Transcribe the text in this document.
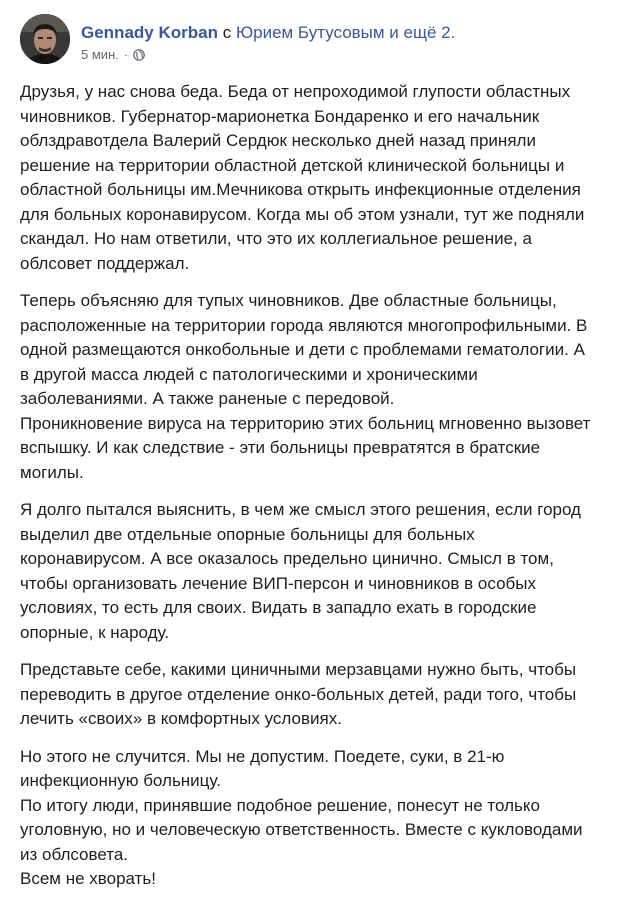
Gennady Korban с Юрием Бутусовым и ещё 2.
5 мин. ·
Друзья, у нас снова беда. Беда от непроходимой глупости областных
чиновников. Губернатор-марионетка Бондаренко и его начальник
облздравотдела Валерий Сердюк несколько дней назад приняли
решение на территории областной детской клинической больницы и
областной больницы им.Мечникова открыть инфекционные отделения
для больных коронавирусом. Когда мы об этом узнали, тут же подняли
скандал. Но нам ответили, что это их коллегиальное решение, а
облсовет поддержал.
Теперь объясняю для тупых чиновников. Две областные больницы,
расположенные на территории города являются многопрофильными. В
одной размещаются онкобольные и дети с проблемами гематологии. А
в другой масса людей с патологическими и хроническими
заболеваниями. А также раненые с передовой.
Проникновение вируса на территорию этих больниц мгновенно вызовет
вспышку. И как следствие - эти больницы превратятся в братские
могилы.
Я долго пытался выяснить, в чем же смысл этого решения, если город
выделил две отдельные опорные больницы для больных
коронавирусом. А все оказалось предельно цинично. Смысл в том,
чтобы организовать лечение ВИП-персон и чиновников в особых
условиях, то есть для своих. Видать в западло ехать в городские
опорные, к народу.
Представьте себе, какими циничными мерзавцами нужно быть, чтобы
переводить в другое отделение онко-больных детей, ради того, чтобы
лечить «своих» в комфортных условиях.
Но этого не случится. Мы не допустим. Поедете, суки, в 21-ю
инфекционную больницу.
По итогу люди, принявшие подобное решение, понесут не только
уголовную, но и человеческую ответственность. Вместе с кукловодами
из облсовета.
Всем не хворать!
